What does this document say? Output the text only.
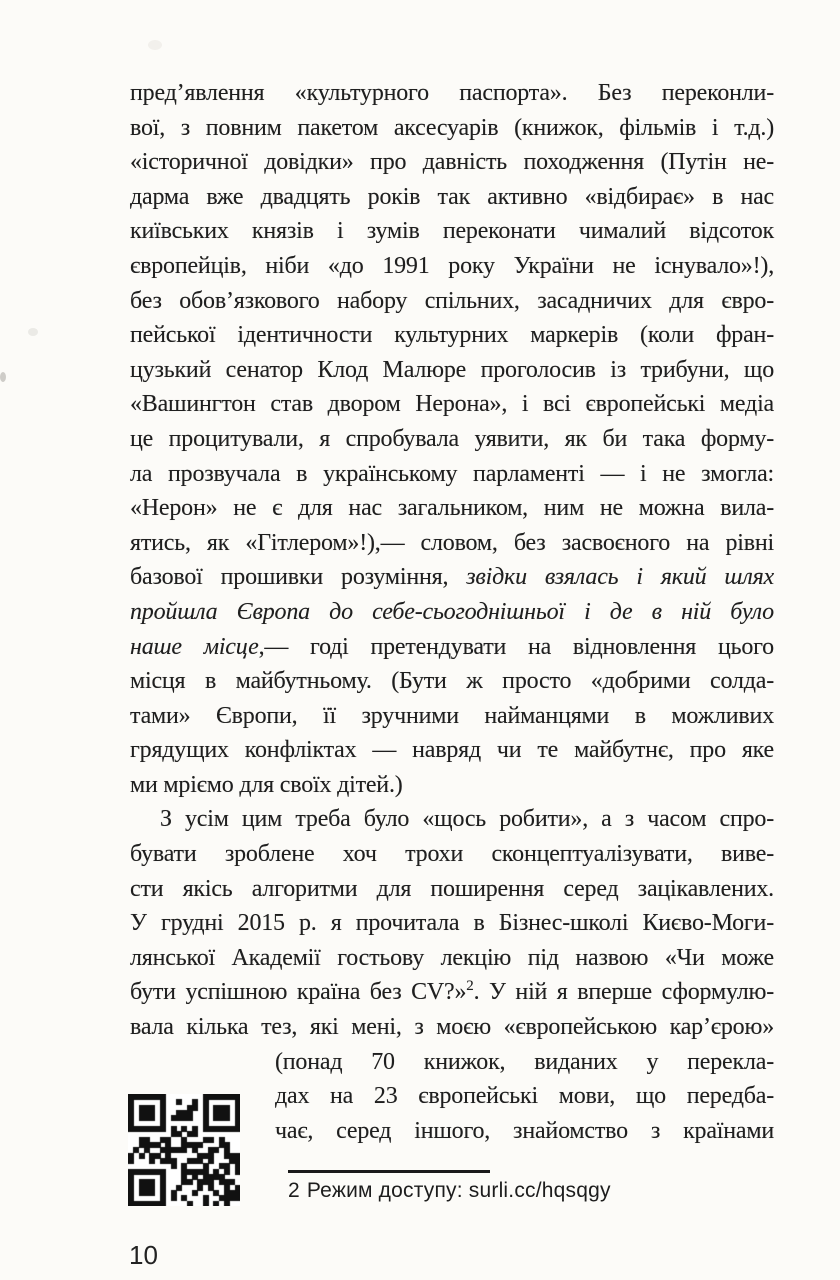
пред’явлення «культурного паспорта». Без переконли-
вої, з повним пакетом аксесуарів (книжок, фільмів і т.д.)
«історичної довідки» про давність походження (Путін не-
дарма вже двадцять років так активно «відбирає» в нас
київських князів і зумів переконати чималий відсоток
європейців, ніби «до 1991 року України не існувало»!),
без обов’язкового набору спільних, засадничих для євро-
пейської ідентичности культурних маркерів (коли фран-
цузький сенатор Клод Малюре проголосив із трибуни, що
«Вашингтон став двором Нерона», і всі європейські медіа
це процитували, я спробувала уявити, як би така форму-
ла прозвучала в українському парламенті — і не змогла:
«Нерон» не є для нас загальником, ним не можна вила-
ятись, як «Гітлером»!),— словом, без засвоєного на рівні
базової прошивки розуміння, звідки взялась і який шлях
пройшла Європа до себе-сьогоднішньої і де в ній було
наше місце,— годі претендувати на відновлення цього
місця в майбутньому. (Бути ж просто «добрими солда-
тами» Європи, її зручними найманцями в можливих
грядущих конфліктах — навряд чи те майбутнє, про яке
ми мріємо для своїх дітей.)
З усім цим треба було «щось робити», а з часом спро-
бувати зроблене хоч трохи сконцептуалізувати, виве-
сти якісь алгоритми для поширення серед зацікавлених.
У грудні 2015 р. я прочитала в Бізнес-школі Києво-Моги-
лянської Академії гостьову лекцію під назвою «Чи може
бути успішною країна без CV?»$^2$. У ній я вперше сформулю-
вала кілька тез, які мені, з моєю «європейською кар’єрою»
(понад 70 книжок, виданих у перекла-
дах на 23 європейські мови, що передба-
чає, серед іншого, знайомство з країнами
2 Режим доступу: surli.cc/hqsqgy
10
